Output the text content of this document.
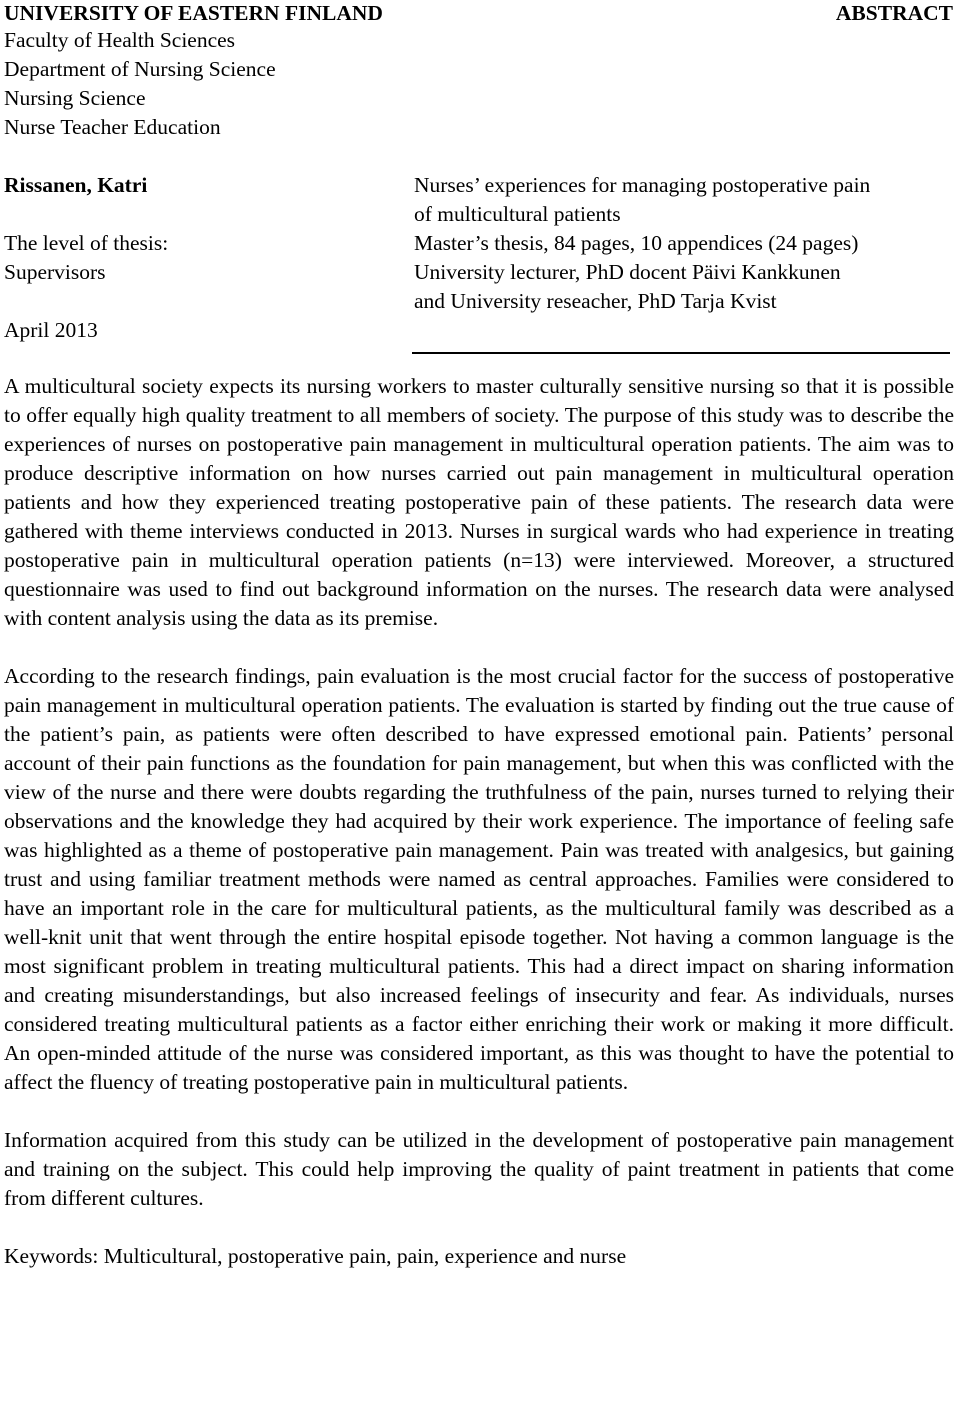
UNIVERSITY OF EASTERN FINLAND	ABSTRACT
Faculty of Health Sciences
Department of Nursing Science
Nursing Science
Nurse Teacher Education
Rissanen, Katri	Nurses’ experiences for managing postoperative pain
of multicultural patients
The level of thesis:	Master’s thesis, 84 pages, 10 appendices (24 pages)
Supervisors	University lecturer, PhD docent Päivi Kankkunen
and University reseacher, PhD Tarja Kvist
April 2013

A multicultural society expects its nursing workers to master culturally sensitive nursing so that it is possible to offer equally high quality treatment to all members of society. The purpose of this study was to describe the experiences of nurses on postoperative pain management in multicultural operation patients. The aim was to produce descriptive information on how nurses carried out pain management in multicultural operation patients and how they experienced treating postoperative pain of these patients. The research data were gathered with theme interviews conducted in 2013. Nurses in surgical wards who had experience in treating postoperative pain in multicultural operation patients (n=13) were interviewed. Moreover, a structured questionnaire was used to find out background information on the nurses. The research data were analysed with content analysis using the data as its premise.

According to the research findings, pain evaluation is the most crucial factor for the success of postoperative pain management in multicultural operation patients. The evaluation is started by finding out the true cause of the patient’s pain, as patients were often described to have expressed emotional pain. Patients’ personal account of their pain functions as the foundation for pain management, but when this was conflicted with the view of the nurse and there were doubts regarding the truthfulness of the pain, nurses turned to relying their observations and the knowledge they had acquired by their work experience. The importance of feeling safe was highlighted as a theme of postoperative pain management. Pain was treated with analgesics, but gaining trust and using familiar treatment methods were named as central approaches. Families were considered to have an important role in the care for multicultural patients, as the multicultural family was described as a well-knit unit that went through the entire hospital episode together. Not having a common language is the most significant problem in treating multicultural patients. This had a direct impact on sharing information and creating misunderstandings, but also increased feelings of insecurity and fear. As individuals, nurses considered treating multicultural patients as a factor either enriching their work or making it more difficult. An open-minded attitude of the nurse was considered important, as this was thought to have the potential to affect the fluency of treating postoperative pain in multicultural patients.

Information acquired from this study can be utilized in the development of postoperative pain management and training on the subject. This could help improving the quality of paint treatment in patients that come from different cultures.

Keywords: Multicultural, postoperative pain, pain, experience and nurse
